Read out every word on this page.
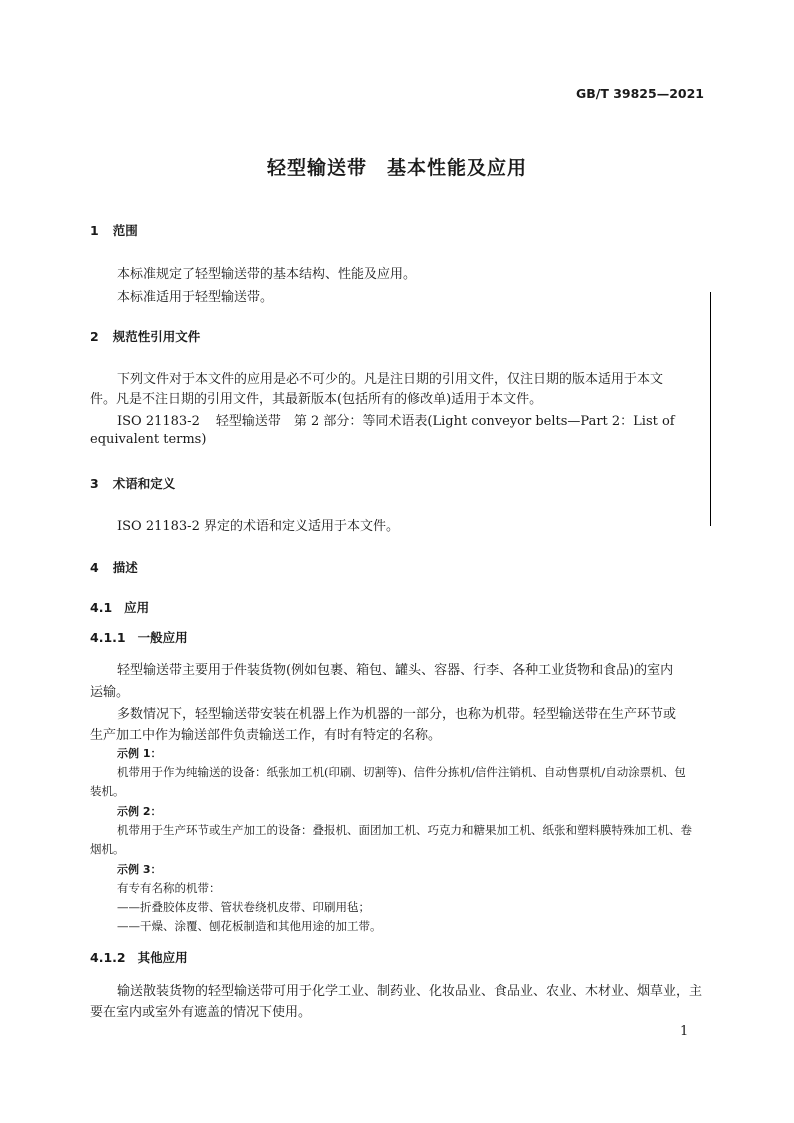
GB/T 39825—2021
轻型输送带　基本性能及应用
1 范围
本标准规定了轻型输送带的基本结构、性能及应用。
本标准适用于轻型输送带。
2 规范性引用文件
下列文件对于本文件的应用是必不可少的。凡是注日期的引用文件，仅注日期的版本适用于本文
件。凡是不注日期的引用文件，其最新版本(包括所有的修改单)适用于本文件。
ISO 21183-2 轻型输送带　第 2 部分：等同术语表(Light conveyor belts—Part 2：List of
equivalent terms)
3 术语和定义
ISO 21183-2 界定的术语和定义适用于本文件。
4 描述
4.1 应用
4.1.1 一般应用
轻型输送带主要用于件装货物(例如包裹、箱包、罐头、容器、行李、各种工业货物和食品)的室内
运输。
多数情况下，轻型输送带安装在机器上作为机器的一部分，也称为机带。轻型输送带在生产环节或
生产加工中作为输送部件负责输送工作，有时有特定的名称。
示例 1：
机带用于作为纯输送的设备：纸张加工机(印刷、切割等)、信件分拣机/信件注销机、自动售票机/自动涂票机、包
装机。
示例 2：
机带用于生产环节或生产加工的设备：叠报机、面团加工机、巧克力和糖果加工机、纸张和塑料膜特殊加工机、卷
烟机。
示例 3：
有专有名称的机带：
——折叠胶体皮带、管状卷绕机皮带、印刷用毡；
——干燥、涂覆、刨花板制造和其他用途的加工带。
4.1.2 其他应用
输送散装货物的轻型输送带可用于化学工业、制药业、化妆品业、食品业、农业、木材业、烟草业，主
要在室内或室外有遮盖的情况下使用。
1
